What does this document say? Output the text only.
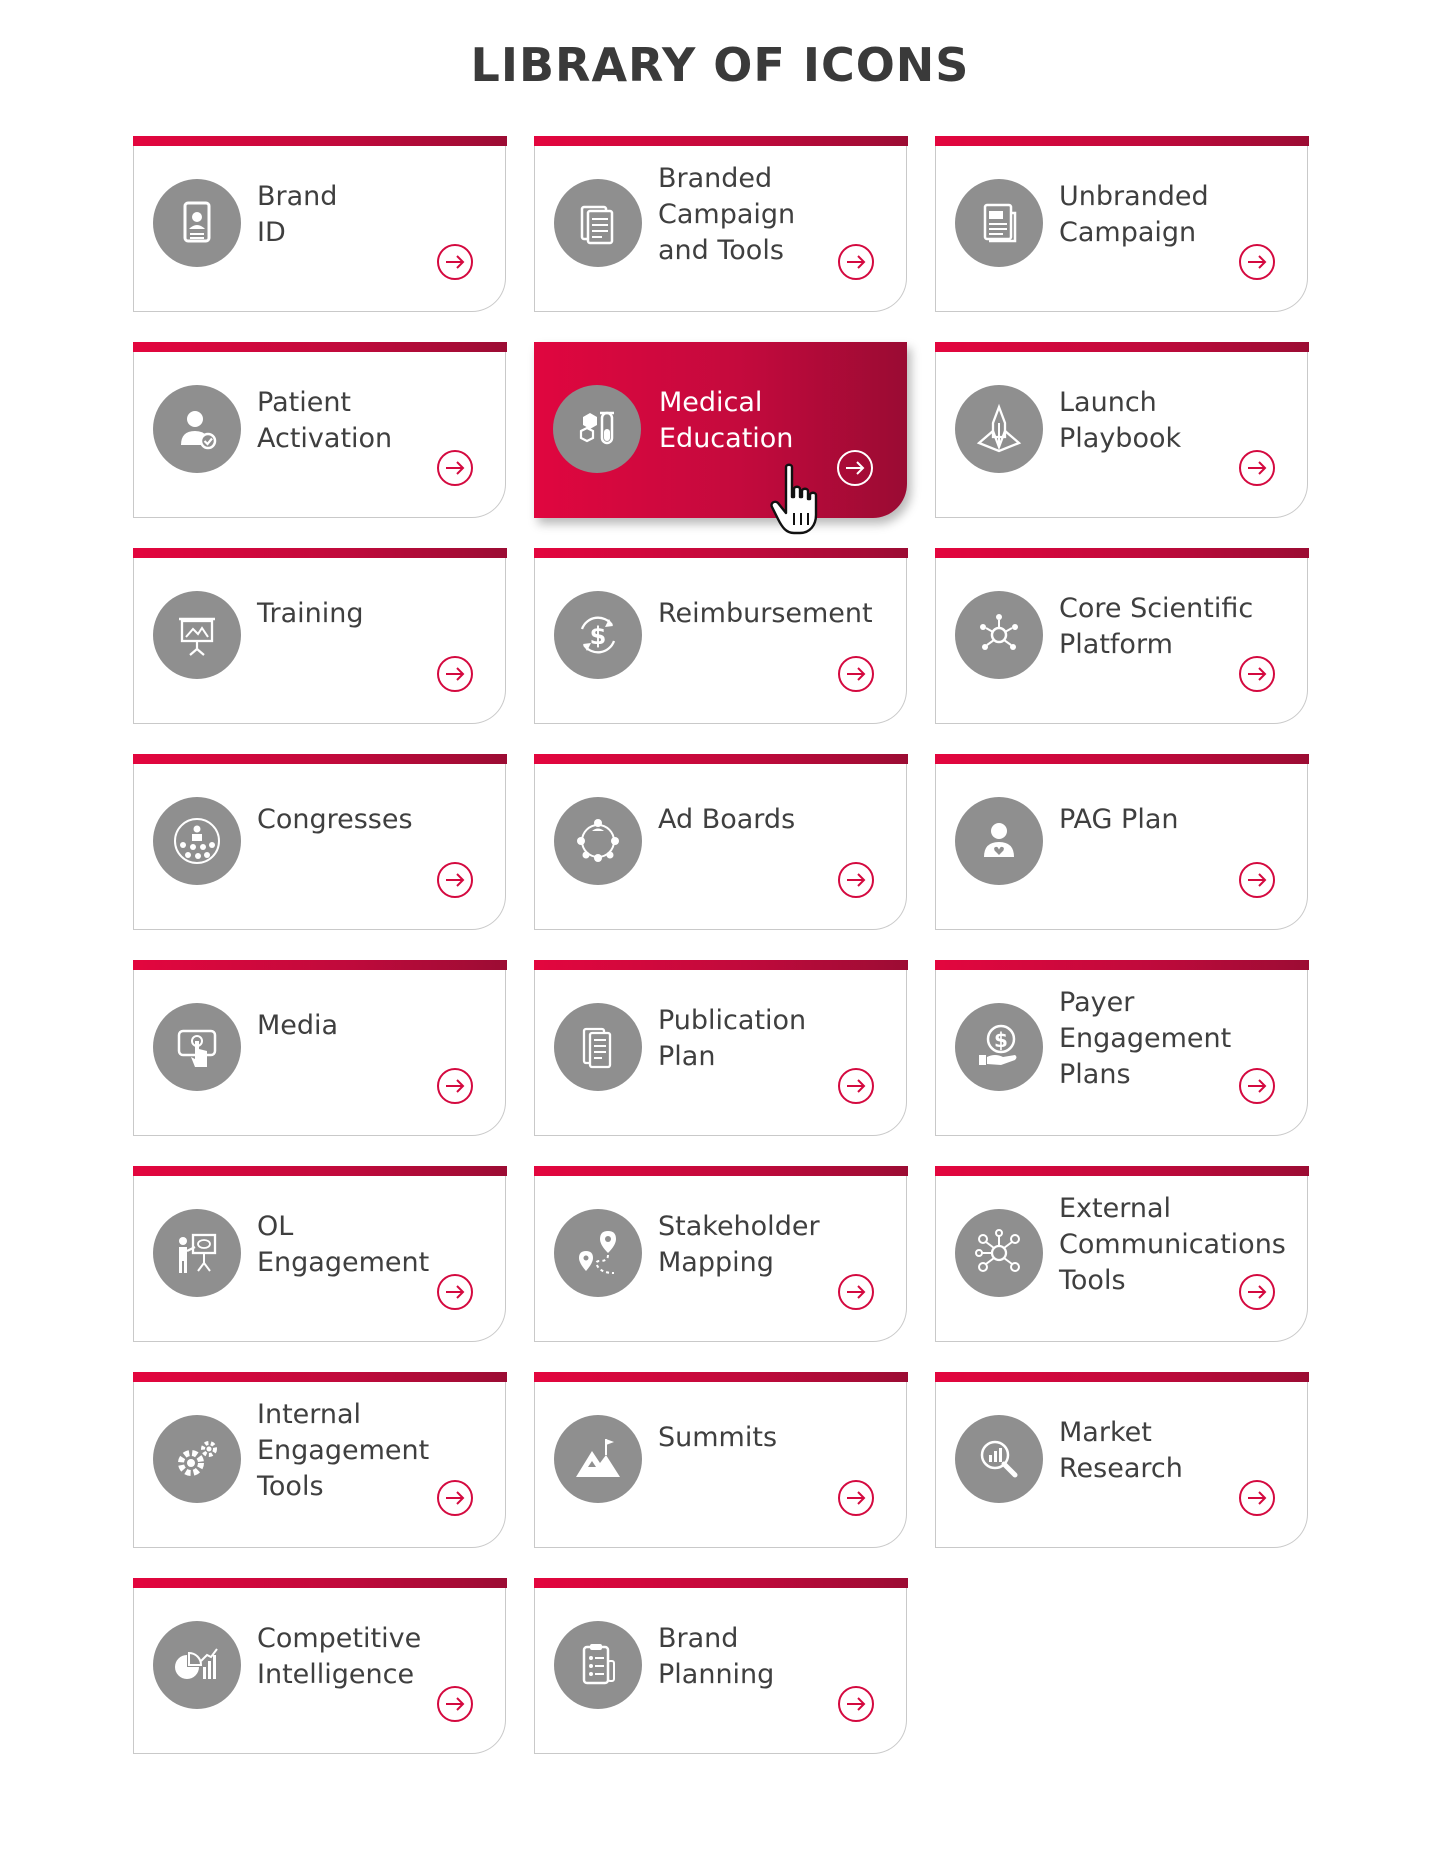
LIBRARY OF ICONS
Brand
ID
Branded
Campaign
and Tools
Unbranded
Campaign
Patient
Activation
Medical
Education
Launch
Playbook
Training
$
Reimbursement	Core Scientific
Platform
Congresses	Ad Boards	PAG Plan
Media	Publication
Plan
$
Payer
Engagement
Plans
OL
Engagement
Stakeholder
Mapping
External
Communications
Tools
Internal
Engagement
Tools
Summits	Market
Research
Competitive
Intelligence
Brand
Planning
